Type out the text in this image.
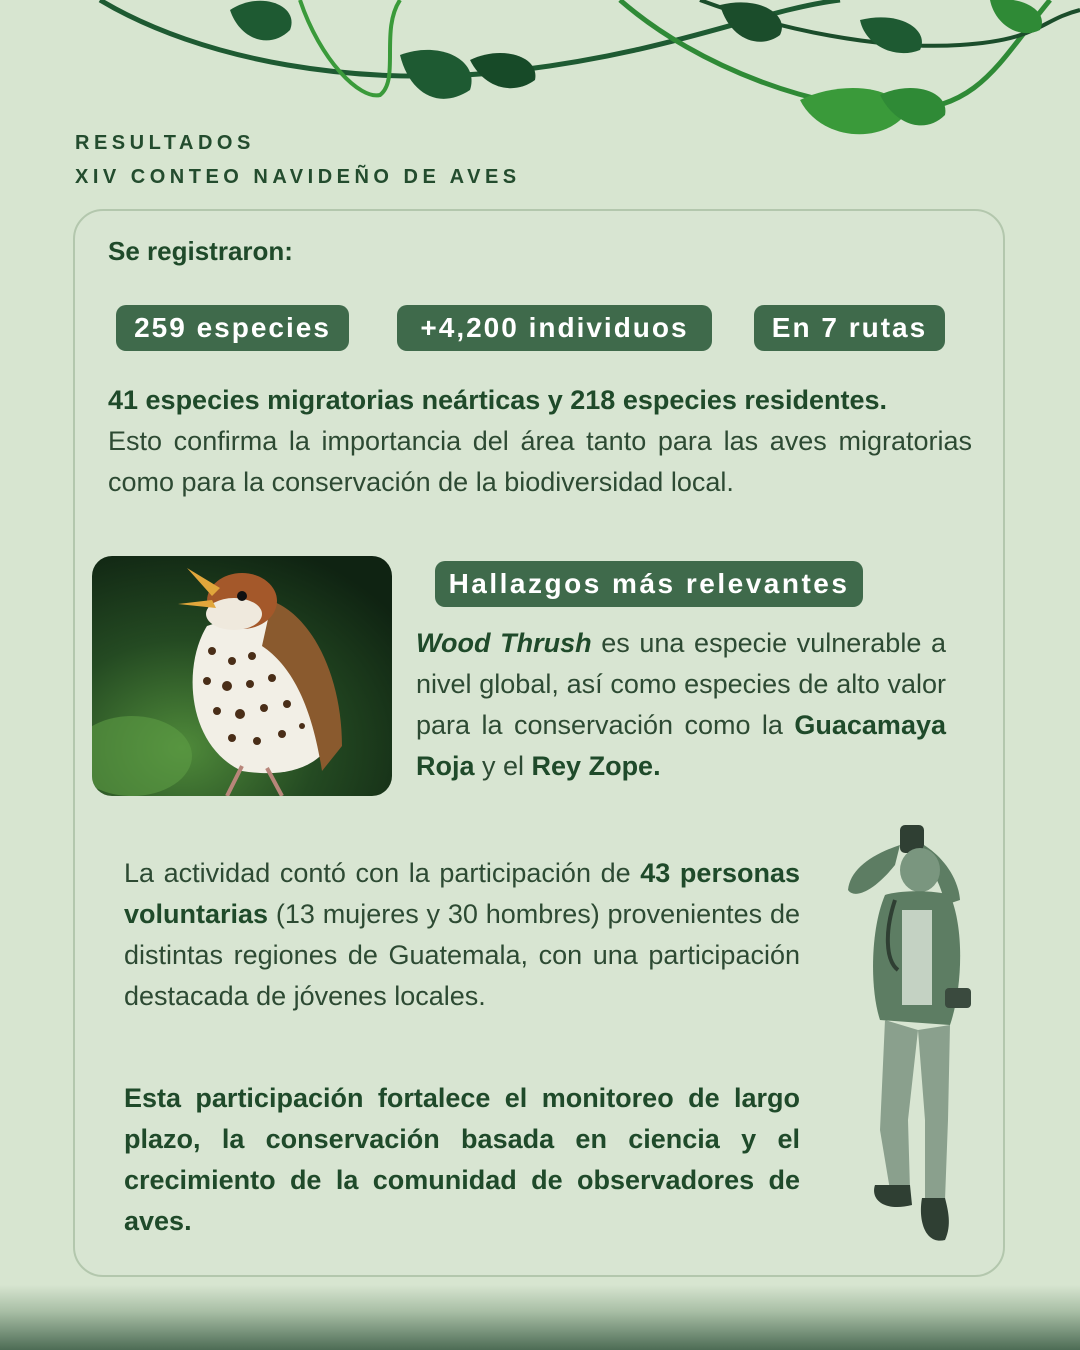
RESULTADOS
XIV CONTEO NAVIDEÑO DE AVES
Se registraron:
259 especies	+4,200 individuos	En 7 rutas
41 especies migratorias neárticas y 218 especies residentes.
Esto confirma la importancia del área tanto para las aves migratorias como para la conservación de la biodiversidad local.
Hallazgos más relevantes
Wood Thrush es una especie vulnerable a nivel global, así como especies de alto valor para la conservación como la Guacamaya Roja y el Rey Zope.
La actividad contó con la participación de 43 personas voluntarias (13 mujeres y 30 hombres) provenientes de distintas regiones de Guatemala, con una participación destacada de jóvenes locales.
Esta participación fortalece el monitoreo de largo plazo, la conservación basada en ciencia y el crecimiento de la comunidad de observadores de aves.
